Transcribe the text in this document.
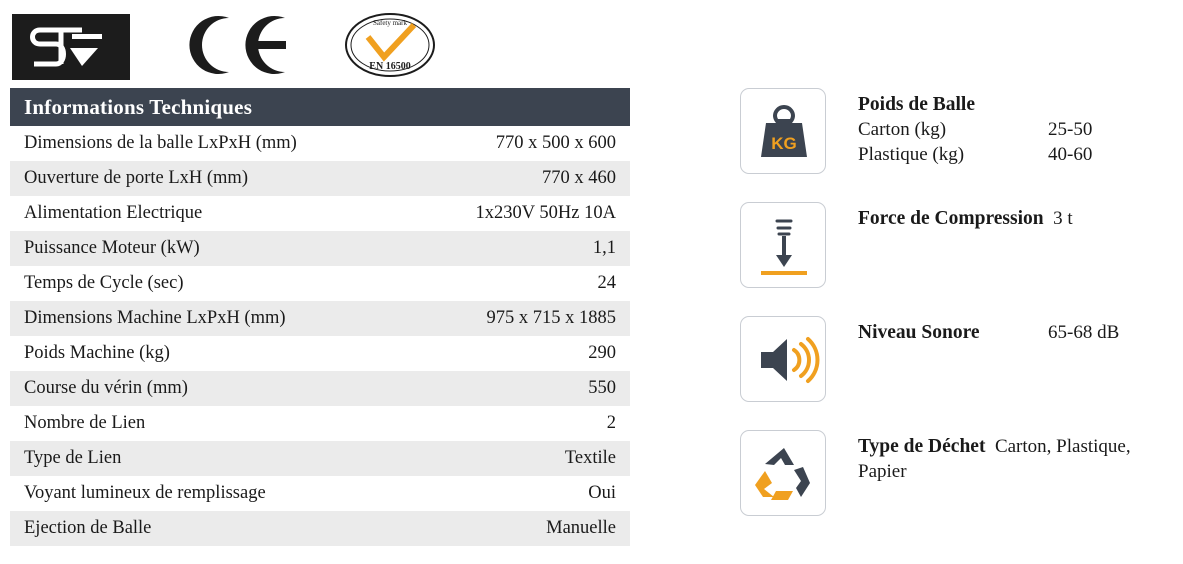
Safety mark
EN 16500
Informations Techniques
Dimensions de la balle LxPxH (mm)	770 x 500 x 600
Ouverture de porte LxH (mm)	770 x 460
Alimentation Electrique	1x230V 50Hz 10A
Puissance Moteur (kW)	1,1
Temps de Cycle (sec)	24
Dimensions Machine LxPxH (mm)	975 x 715 x 1885
Poids Machine (kg)	290
Course du vérin (mm)	550
Nombre de Lien	2
Type de Lien	Textile
Voyant lumineux de remplissage	Oui
Ejection de Balle	Manuelle
KG
Poids de Balle
Carton (kg)	25-50
Plastique (kg)	40-60
Force de Compression 3 t
Niveau Sonore	65-68 dB
Type de Déchet Carton, Plastique, Papier
